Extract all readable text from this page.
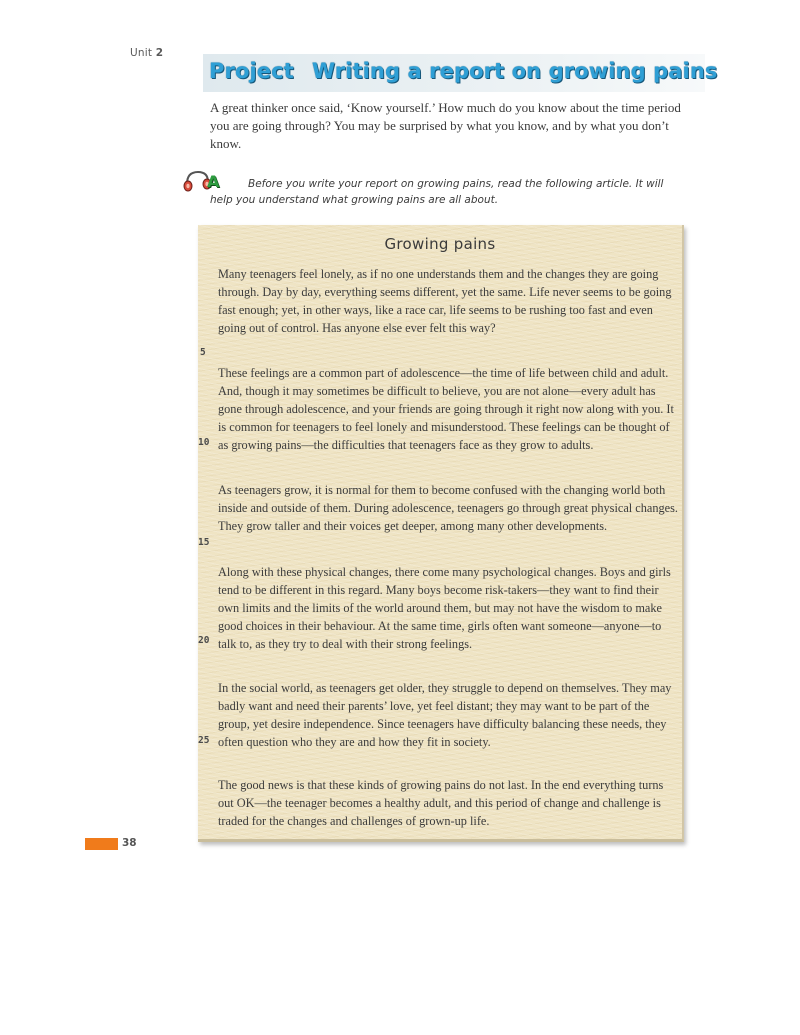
Unit 2
Project Writing a report on growing pains
A great thinker once said, ‘Know yourself.’ How much do you know about the time period you are going through? You may be surprised by what you know, and by what you don’t know.
A	Before you write your report on growing pains, read the following article. It will help you understand what growing pains are all about.
Growing pains

Many teenagers feel lonely, as if no one understands them and the changes they are going through. Day by day, everything seems different, yet the same. Life never seems to be going fast enough; yet, in other ways, like a race car, life seems to be rushing too fast and even going out of control. Has anyone else ever felt this way?

These feelings are a common part of adolescence—the time of life between child and adult. And, though it may sometimes be difficult to believe, you are not alone—every adult has gone through adolescence, and your friends are going through it right now along with you. It is common for teenagers to feel lonely and misunderstood. These feelings can be thought of as growing pains—the difficulties that teenagers face as they grow to adults.

As teenagers grow, it is normal for them to become confused with the changing world both inside and outside of them. During adolescence, teenagers go through great physical changes. They grow taller and their voices get deeper, among many other developments.

Along with these physical changes, there come many psychological changes. Boys and girls tend to be different in this regard. Many boys become risk-takers—they want to find their own limits and the limits of the world around them, but may not have the wisdom to make good choices in their behaviour. At the same time, girls often want someone—anyone—to talk to, as they try to deal with their strong feelings.

In the social world, as teenagers get older, they struggle to depend on themselves. They may badly want and need their parents’ love, yet feel distant; they may want to be part of the group, yet desire independence. Since teenagers have difficulty balancing these needs, they often question who they are and how they fit in society.

The good news is that these kinds of growing pains do not last. In the end everything turns out OK—the teenager becomes a healthy adult, and this period of change and challenge is traded for the changes and challenges of grown-up life.

5
10
15
20
25
38
